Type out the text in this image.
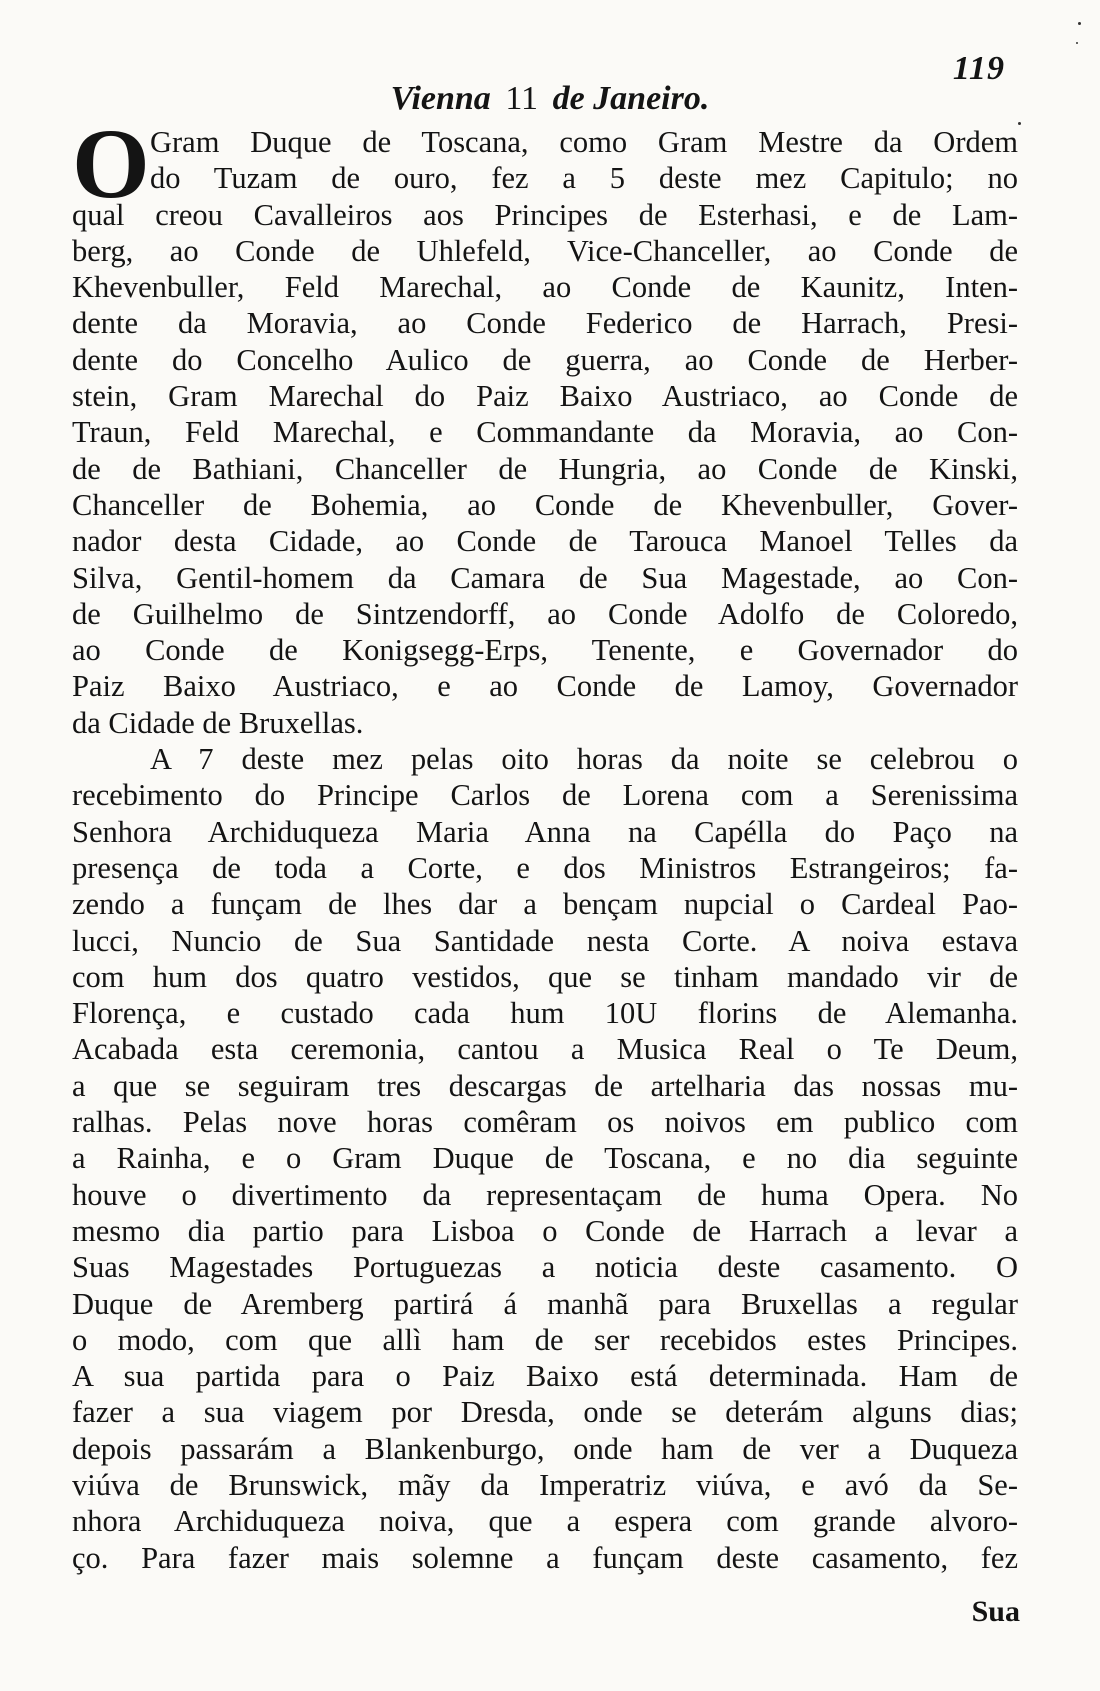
119
Vienna 11 de Janeiro.
O Gram Duque de Toscana, como Gram Mestre da Ordem
do Tuzam de ouro, fez a 5 deste mez Capitulo; no
qual creou Cavalleiros aos Principes de Esterhasi, e de Lam-
berg, ao Conde de Uhlefeld, Vice-Chanceller, ao Conde de
Khevenbuller, Feld Marechal, ao Conde de Kaunitz, Inten-
dente da Moravia, ao Conde Federico de Harrach, Presi-
dente do Concelho Aulico de guerra, ao Conde de Herber-
stein, Gram Marechal do Paiz Baixo Austriaco, ao Conde de
Traun, Feld Marechal, e Commandante da Moravia, ao Con-
de de Bathiani, Chanceller de Hungria, ao Conde de Kinski,
Chanceller de Bohemia, ao Conde de Khevenbuller, Gover-
nador desta Cidade, ao Conde de Tarouca Manoel Telles da
Silva, Gentil-homem da Camara de Sua Magestade, ao Con-
de Guilhelmo de Sintzendorff, ao Conde Adolfo de Coloredo,
ao Conde de Konigsegg-Erps, Tenente, e Governador do
Paiz Baixo Austriaco, e ao Conde de Lamoy, Governador
da Cidade de Bruxellas.
A 7 deste mez pelas oito horas da noite se celebrou o
recebimento do Principe Carlos de Lorena com a Serenissima
Senhora Archiduqueza Maria Anna na Capélla do Paço na
presença de toda a Corte, e dos Ministros Estrangeiros; fa-
zendo a funçam de lhes dar a bençam nupcial o Cardeal Pao-
lucci, Nuncio de Sua Santidade nesta Corte. A noiva estava
com hum dos quatro vestidos, que se tinham mandado vir de
Florença, e custado cada hum 10U florins de Alemanha.
Acabada esta ceremonia, cantou a Musica Real o Te Deum,
a que se seguiram tres descargas de artelharia das nossas mu-
ralhas. Pelas nove horas comêram os noivos em publico com
a Rainha, e o Gram Duque de Toscana, e no dia seguinte
houve o divertimento da representaçam de huma Opera. No
mesmo dia partio para Lisboa o Conde de Harrach a levar a
Suas Magestades Portuguezas a noticia deste casamento. O
Duque de Aremberg partirá á manhã para Bruxellas a regular
o modo, com que allì ham de ser recebidos estes Principes.
A sua partida para o Paiz Baixo está determinada. Ham de
fazer a sua viagem por Dresda, onde se deterám alguns dias;
depois passarám a Blankenburgo, onde ham de ver a Duqueza
viúva de Brunswick, mãy da Imperatriz viúva, e avó da Se-
nhora Archiduqueza noiva, que a espera com grande alvoro-
ço. Para fazer mais solemne a funçam deste casamento, fez
Sua
